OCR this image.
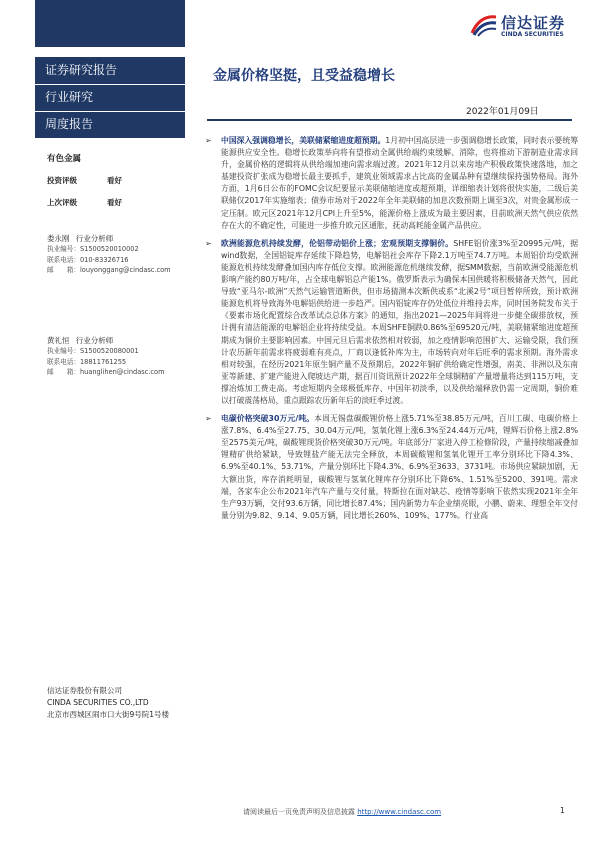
信达证券
CINDA SECURITIES
证券研究报告
行业研究
周度报告
有色金属
投资评级	看好
上次评级	看好
娄永刚 行业分析师
执业编号：S1500520010002
联系电话：010-83326716
邮　　箱：louyonggang@cindasc.com
黄礼恒 行业分析师
执业编号：S1500520080001
联系电话：18811761255
邮　　箱：huanglihen@cindasc.com
信达证券股份有限公司
CINDA SECURITIES CO.,LTD
北京市西城区闹市口大街9号院1号楼
金属价格坚挺，且受益稳增长
2022年01月09日
➢ 中国深入强调稳增长，美联储紧缩进度超预期。1月初中国高层进一步强调稳增长政策，同时表示要统筹能源供应安全性。稳增长政策举向将有望推动全属供给端约束缓解、消除，也将推动下游制造业需求回升，金属价格的逻辑将从供给端加速向需求端过渡。2021年12月以来房地产积极政策快速落地，加之基建投资扩张成为稳增长最主要抓手，建筑业领域需求占比高的金属品种有望继续保持强势格局。海外方面，1月6日公布的FOMC会议纪要显示美联储缩进度或超预期，详细缩表计划将很快实施，二级后美联储仅2017年实施缩表；债券市场对于2022年全年美联储的加息次数预期上调至3次，对贵金属形成一定压制。欧元区2021年12月CPI上升至5%，能源价格上涨成为最主要因素，目前欧洲天然气供应依然存在大的不确定性，可能进一步推升欧元区通胀，抚动高耗能金属产品供应。
➢ 欧洲能源危机持续发酵，伦铝带动铝价上涨；宏观预期支撑铜价。SHFE铝价涨3%至20995元/吨，据wind数据，全国铝锭库存延续下降趋势，电解铝社会库存下降2.1万吨至74.7万吨。本周铝价均受欧洲能源危机持续发酵叠加国内库存低位支撑。欧洲能源危机继续发酵，据SMM数据，当前欧洲受能源危机影响产能约80万吨/年，占全球电解铝总产能1%。俄罗斯表示为确保本国供暖将积极储备天然气，因此导致“亚马尔-欧洲”天然气运输管道断供，但市场猜测本次断供或系“北溪2号”项目暂停所致，预计欧洲能源危机将导致海外电解铝供给进一步趋严。国内铝锭库存仍处低位并维持去库，同时国务院发布关于《要素市场化配置综合改革试点总体方案》的通知，指出2021—2025年间将进一步健全碳排放权，预计拥有清洁能源的电解铝企业将持续受益。本周SHFE铜跌0.86%至69520元/吨，美联储紧缩进度超预期成为铜价主要影响因素。中国元旦后需求依然相对较弱，加之疫情影响范围扩大、运输受限，我们预计农历新年前需求将疲弱难有亮点，厂商以逢低补库为主，市场转向对年后旺季的需求预期。海外需求相对较强，在经历2021年原生铜产量不及预期后，2022年铜矿供给确定性增强，南美、非洲以及东南亚等新建、扩建产能进入爬坡达产期，据百川资讯预计2022年全球铜精矿产量增量将达到115万吨，支撑冶炼加工费走高。考虑短期内全球极低库存、中国年初淡季，以及供给端释放仍需一定周期，铜价难以打破震荡格局，重点跟踪农历新年后的淡旺季过渡。
➢ 电碳价格突破30万元/吨。本周无锡盘碳酸锂价格上涨5.71%至38.85万元/吨，百川工碳、电碳价格上涨7.8%、6.4%至27.75、30.04万元/吨，氢氧化锂上涨6.3%至24.44万元/吨，锂辉石价格上涨2.8%至2575美元/吨，碳酸锂现货价格突破30万元/吨。年底部分厂家进入停工检修阶段，产量持续缩减叠加锂精矿供给紧缺，导致锂盐产能无法完全释放，本周碳酸锂和氢氧化锂开工率分别环比下降4.3%、6.9%至40.1%、53.71%，产量分别环比下降4.3%、6.9%至3633、3731吨。市场供应紧缺加剧，无大额出货，库存消耗明显，碳酸锂与氢氧化锂库存分别环比下降6%、1.51%至5200、391吨。需求端，各家车企公布2021年汽车产量与交付量，特斯拉在面对缺芯、疫情等影响下依然实现2021年全年生产93万辆，交付93.6万辆，同比增长87.4%；国内新势力车企业绩亮眼，小鹏、蔚来、理想全年交付量分别为9.82、9.14、9.05万辆，同比增长260%、109%、177%。行业高
请阅读最后一页免责声明及信息披露 http://www.cindasc.com	1
